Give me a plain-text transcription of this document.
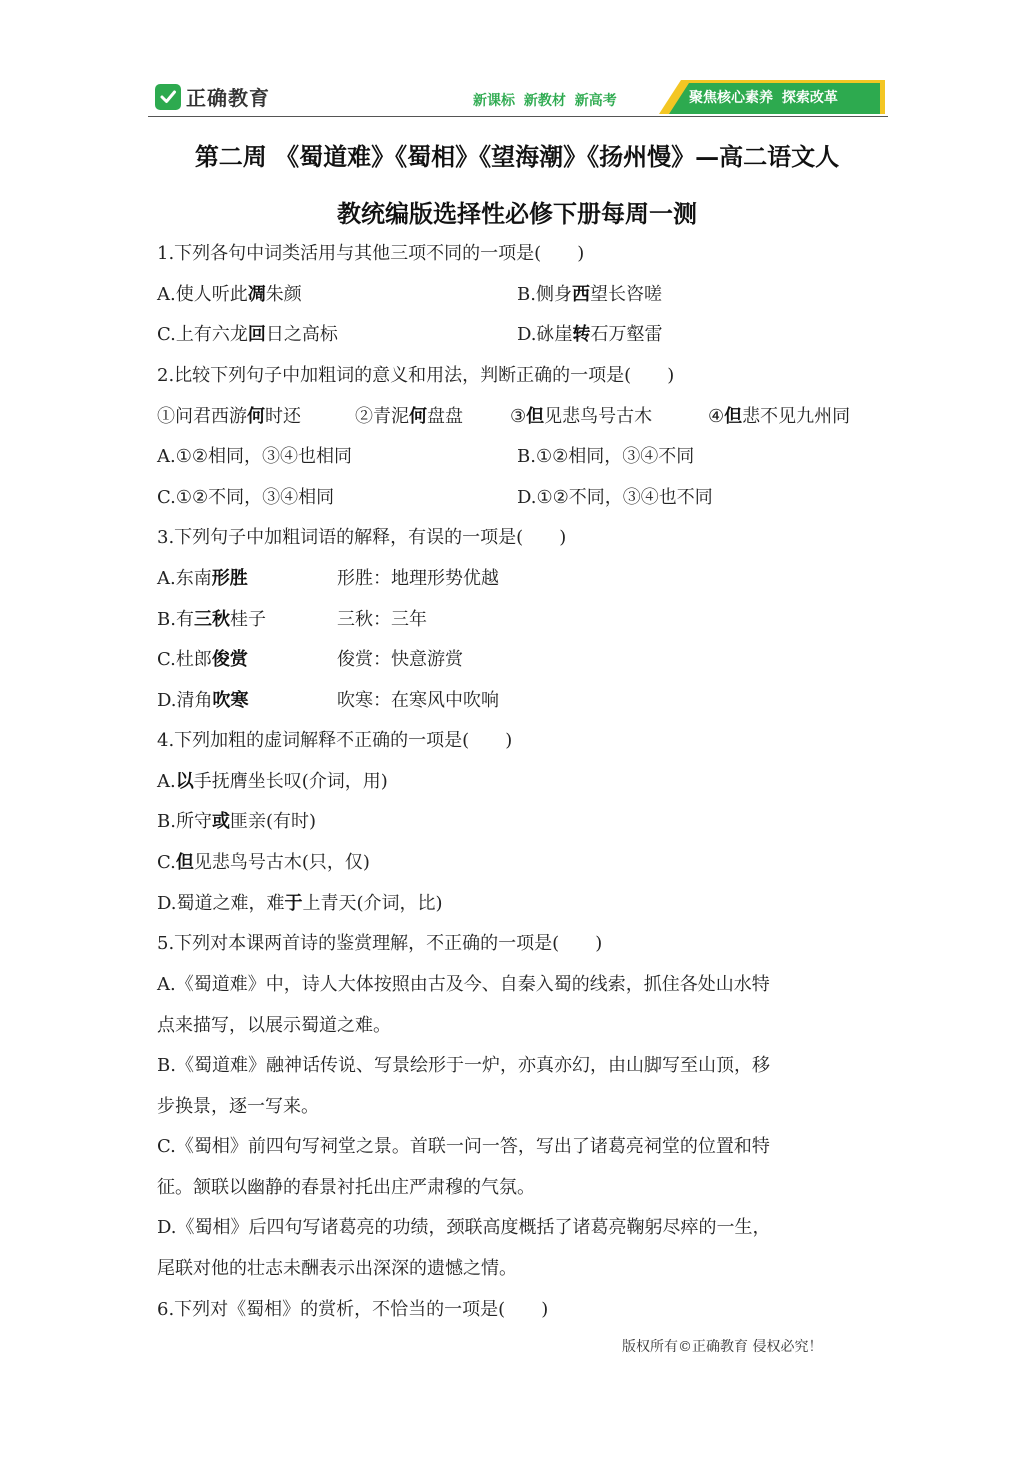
正确教育	新课标 新教材 新高考	聚焦核心素养 探索改革
第二周 《蜀道难》《蜀相》《望海潮》《扬州慢》—高二语文人
教统编版选择性必修下册每周一测
1.下列各句中词类活用与其他三项不同的一项是(　　)
A.使人听此凋朱颜	B.侧身西望长咨嗟
C.上有六龙回日之高标	D.砯崖转石万壑雷
2.比较下列句子中加粗词的意义和用法，判断正确的一项是(　　)
①问君西游何时还	②青泥何盘盘	③但见悲鸟号古木	④但悲不见九州同
A.①②相同，③④也相同	B.①②相同，③④不同
C.①②不同，③④相同	D.①②不同，③④也不同
3.下列句子中加粗词语的解释，有误的一项是(　　)
A.东南形胜	形胜：地理形势优越
B.有三秋桂子	三秋：三年
C.杜郎俊赏	俊赏：快意游赏
D.清角吹寒	吹寒：在寒风中吹响
4.下列加粗的虚词解释不正确的一项是(　　)
A.以手抚膺坐长叹(介词，用)
B.所守或匪亲(有时)
C.但见悲鸟号古木(只，仅)
D.蜀道之难，难于上青天(介词，比)
5.下列对本课两首诗的鉴赏理解，不正确的一项是(　　)
A.《蜀道难》中，诗人大体按照由古及今、自秦入蜀的线索，抓住各处山水特
点来描写，以展示蜀道之难。
B.《蜀道难》融神话传说、写景绘形于一炉，亦真亦幻，由山脚写至山顶，移
步换景，逐一写来。
C.《蜀相》前四句写祠堂之景。首联一问一答，写出了诸葛亮祠堂的位置和特
征。颔联以幽静的春景衬托出庄严肃穆的气氛。
D.《蜀相》后四句写诸葛亮的功绩，颈联高度概括了诸葛亮鞠躬尽瘁的一生，
尾联对他的壮志未酬表示出深深的遗憾之情。
6.下列对《蜀相》的赏析，不恰当的一项是(　　)
版权所有©正确教育 侵权必究！
